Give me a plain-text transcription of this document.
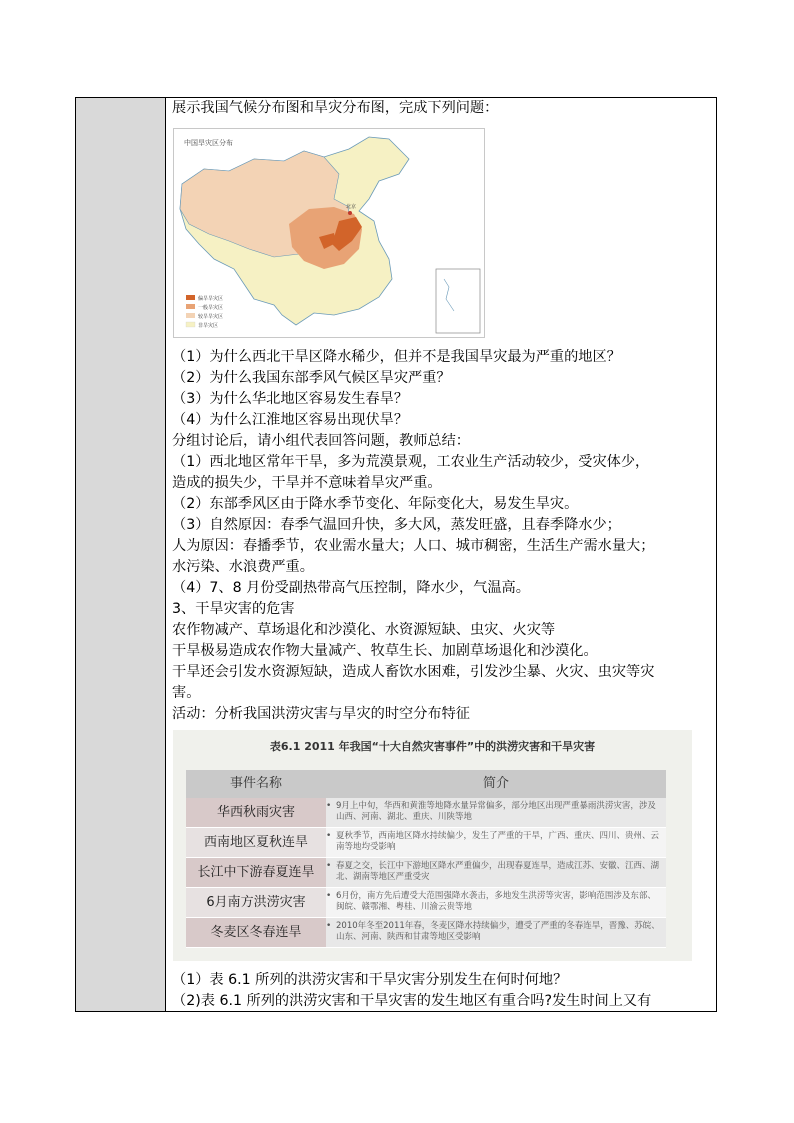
展示我国气候分布图和旱灾分布图，完成下列问题：
中国旱灾区分布
北京
偏旱旱灾区
一般旱灾区
较旱旱灾区
非旱灾区
（1）为什么西北干旱区降水稀少，但并不是我国旱灾最为严重的地区？
（2）为什么我国东部季风气候区旱灾严重？
（3）为什么华北地区容易发生春旱？
（4）为什么江淮地区容易出现伏旱？
分组讨论后，请小组代表回答问题，教师总结：
（1）西北地区常年干旱，多为荒漠景观，工农业生产活动较少，受灾体少，
造成的损失少，干旱并不意味着旱灾严重。
（2）东部季风区由于降水季节变化、年际变化大，易发生旱灾。
（3）自然原因：春季气温回升快，多大风，蒸发旺盛，且春季降水少；
人为原因：春播季节，农业需水量大；人口、城市稠密，生活生产需水量大；
水污染、水浪费严重。
（4）7、8 月份受副热带高气压控制，降水少，气温高。
3、干旱灾害的危害
农作物减产、草场退化和沙漠化、水资源短缺、虫灾、火灾等
干旱极易造成农作物大量减产、牧草生长、加剧草场退化和沙漠化。
干旱还会引发水资源短缺，造成人畜饮水困难，引发沙尘暴、火灾、虫灾等灾
害。
活动：分析我国洪涝灾害与旱灾的时空分布特征
表6.1 2011 年我国“十大自然灾害事件”中的洪涝灾害和干旱灾害
事件名称	简介
华西秋雨灾害	• 9月上中旬，华西和黄淮等地降水量异常偏多，部分地区出现严重暴雨洪涝灾害，涉及山西、河南、湖北、重庆、川陕等地
西南地区夏秋连旱	• 夏秋季节，西南地区降水持续偏少，发生了严重的干旱，广西、重庆、四川、贵州、云南等地均受影响
长江中下游春夏连旱	• 春夏之交，长江中下游地区降水严重偏少，出现春夏连旱，造成江苏、安徽、江西、湖北、湖南等地区严重受灾
6月南方洪涝灾害	• 6月份，南方先后遭受大范围强降水袭击，多地发生洪涝等灾害，影响范围涉及东部、闽皖、赣鄂湘、粤桂、川渝云贵等地
冬麦区冬春连旱	• 2010年冬至2011年春，冬麦区降水持续偏少，遭受了严重的冬春连旱，晋豫、苏皖、山东、河南、陕西和甘肃等地区受影响
（1）表 6.1 所列的洪涝灾害和干旱灾害分别发生在何时何地？
（2)表 6.1 所列的洪涝灾害和干旱灾害的发生地区有重合吗?发生时间上又有
